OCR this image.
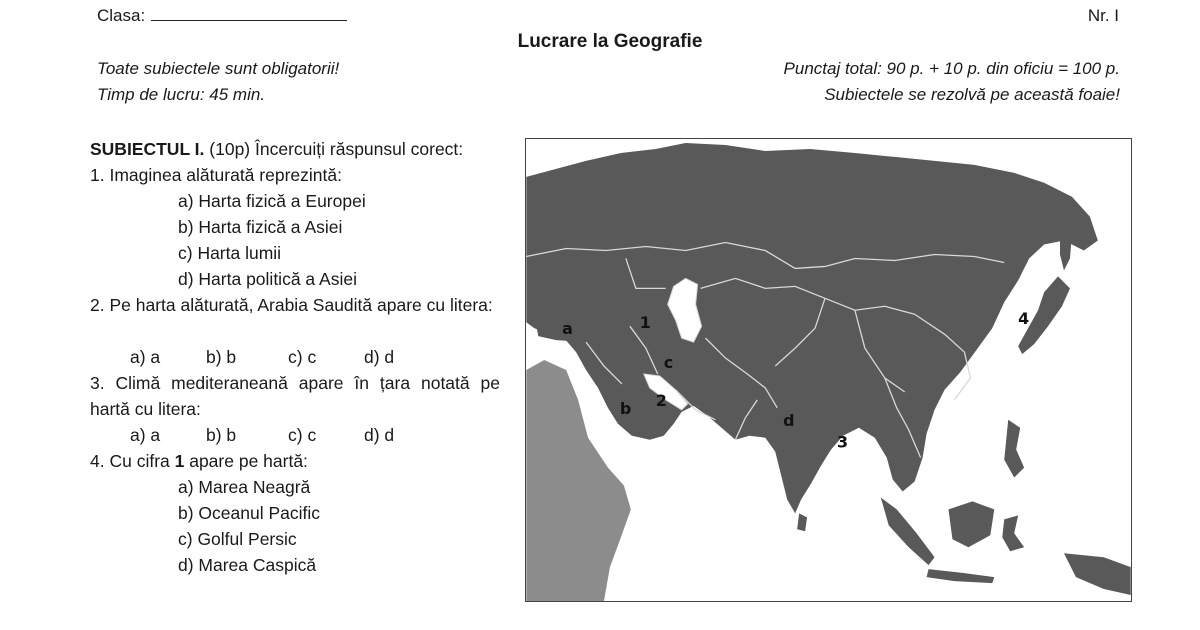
Clasa:	Nr. I
Lucrare la Geografie
Toate subiectele sunt obligatorii!
Timp de lucru: 45 min.
Punctaj total: 90 p. + 10 p. din oficiu = 100 p.
Subiectele se rezolvă pe această foaie!
SUBIECTUL I. (10p) Încercuiți răspunsul corect:
1. Imaginea alăturată reprezintă:
a) Harta fizică a Europei
b) Harta fizică a Asiei
c) Harta lumii
d) Harta politică a Asiei
2. Pe harta alăturată, Arabia Saudită apare cu litera:
a) a	b) b	c) c	d) d
3. Climă mediteraneană apare în țara notată pe hartă cu litera:
a) a	b) b	c) c	d) d
4. Cu cifra 1 apare pe hartă:
a) Marea Neagră
b) Oceanul Pacific
c) Golful Persic
d) Marea Caspică
a	1
c
b 2
d
3
4
